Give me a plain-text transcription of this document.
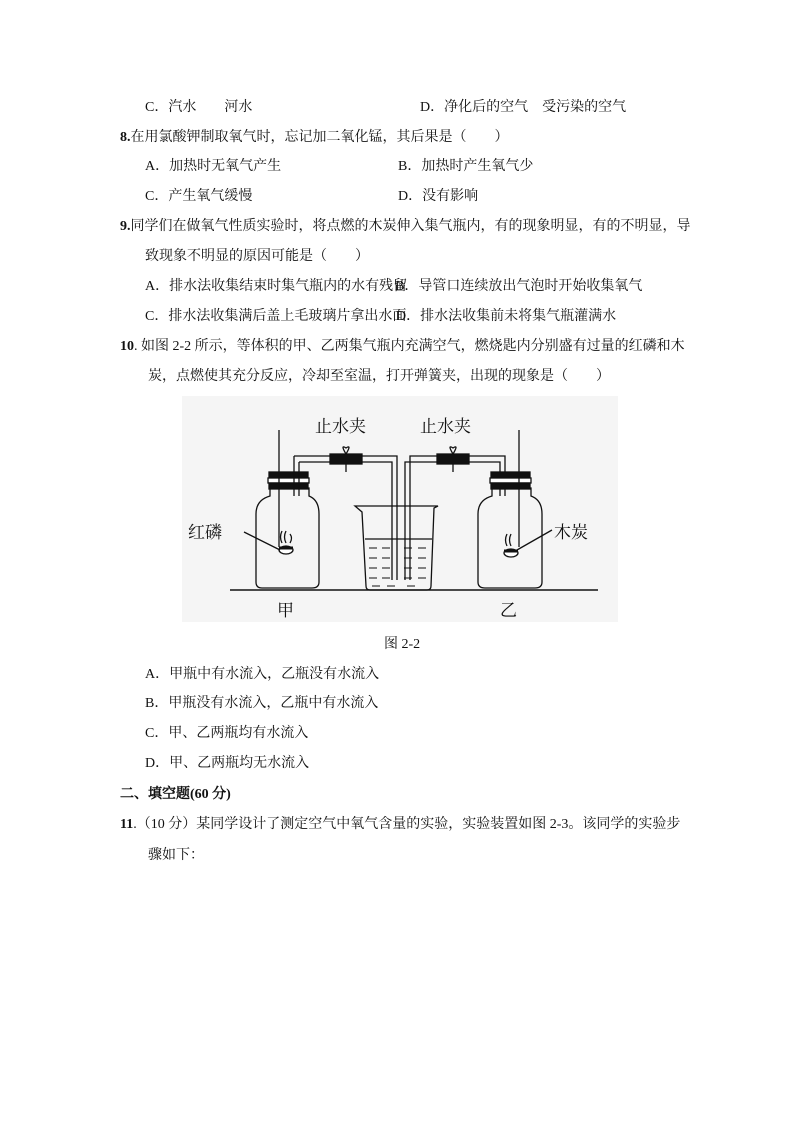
C．汽水　　河水	D．净化后的空气　受污染的空气
8.在用氯酸钾制取氧气时，忘记加二氧化锰，其后果是（　　）
A．加热时无氧气产生	B．加热时产生氧气少
C．产生氧气缓慢	D．没有影响
9.同学们在做氧气性质实验时，将点燃的木炭伸入集气瓶内，有的现象明显，有的不明显，导
致现象不明显的原因可能是（　　）
A．排水法收集结束时集气瓶内的水有残留
B．导管口连续放出气泡时开始收集氧气
C．排水法收集满后盖上毛玻璃片拿出水面
D．排水法收集前未将集气瓶灌满水
10. 如图 2-2 所示，等体积的甲、乙两集气瓶内充满空气，燃烧匙内分别盛有过量的红磷和木
炭，点燃使其充分反应，冷却至室温，打开弹簧夹，出现的现象是（　　）
止水夹	止水夹
红磷	木炭
甲	乙
图 2-2
A．甲瓶中有水流入，乙瓶没有水流入
B．甲瓶没有水流入，乙瓶中有水流入
C．甲、乙两瓶均有水流入
D．甲、乙两瓶均无水流入
二、填空题(60 分)
11.（10 分）某同学设计了测定空气中氧气含量的实验，实验装置如图 2-3。该同学的实验步
骤如下：
